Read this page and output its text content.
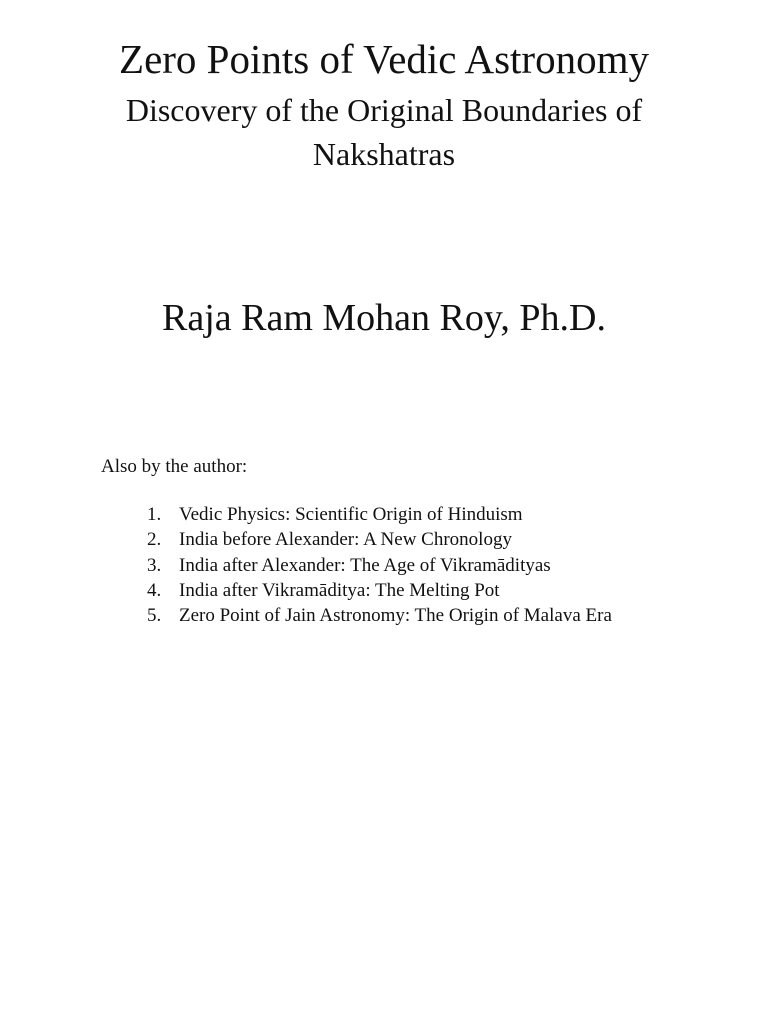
Zero Points of Vedic Astronomy
Discovery of the Original Boundaries of Nakshatras

Raja Ram Mohan Roy, Ph.D.

Also by the author:

1. Vedic Physics: Scientific Origin of Hinduism
2. India before Alexander: A New Chronology
3. India after Alexander: The Age of Vikramādityas
4. India after Vikramāditya: The Melting Pot
5. Zero Point of Jain Astronomy: The Origin of Malava Era
